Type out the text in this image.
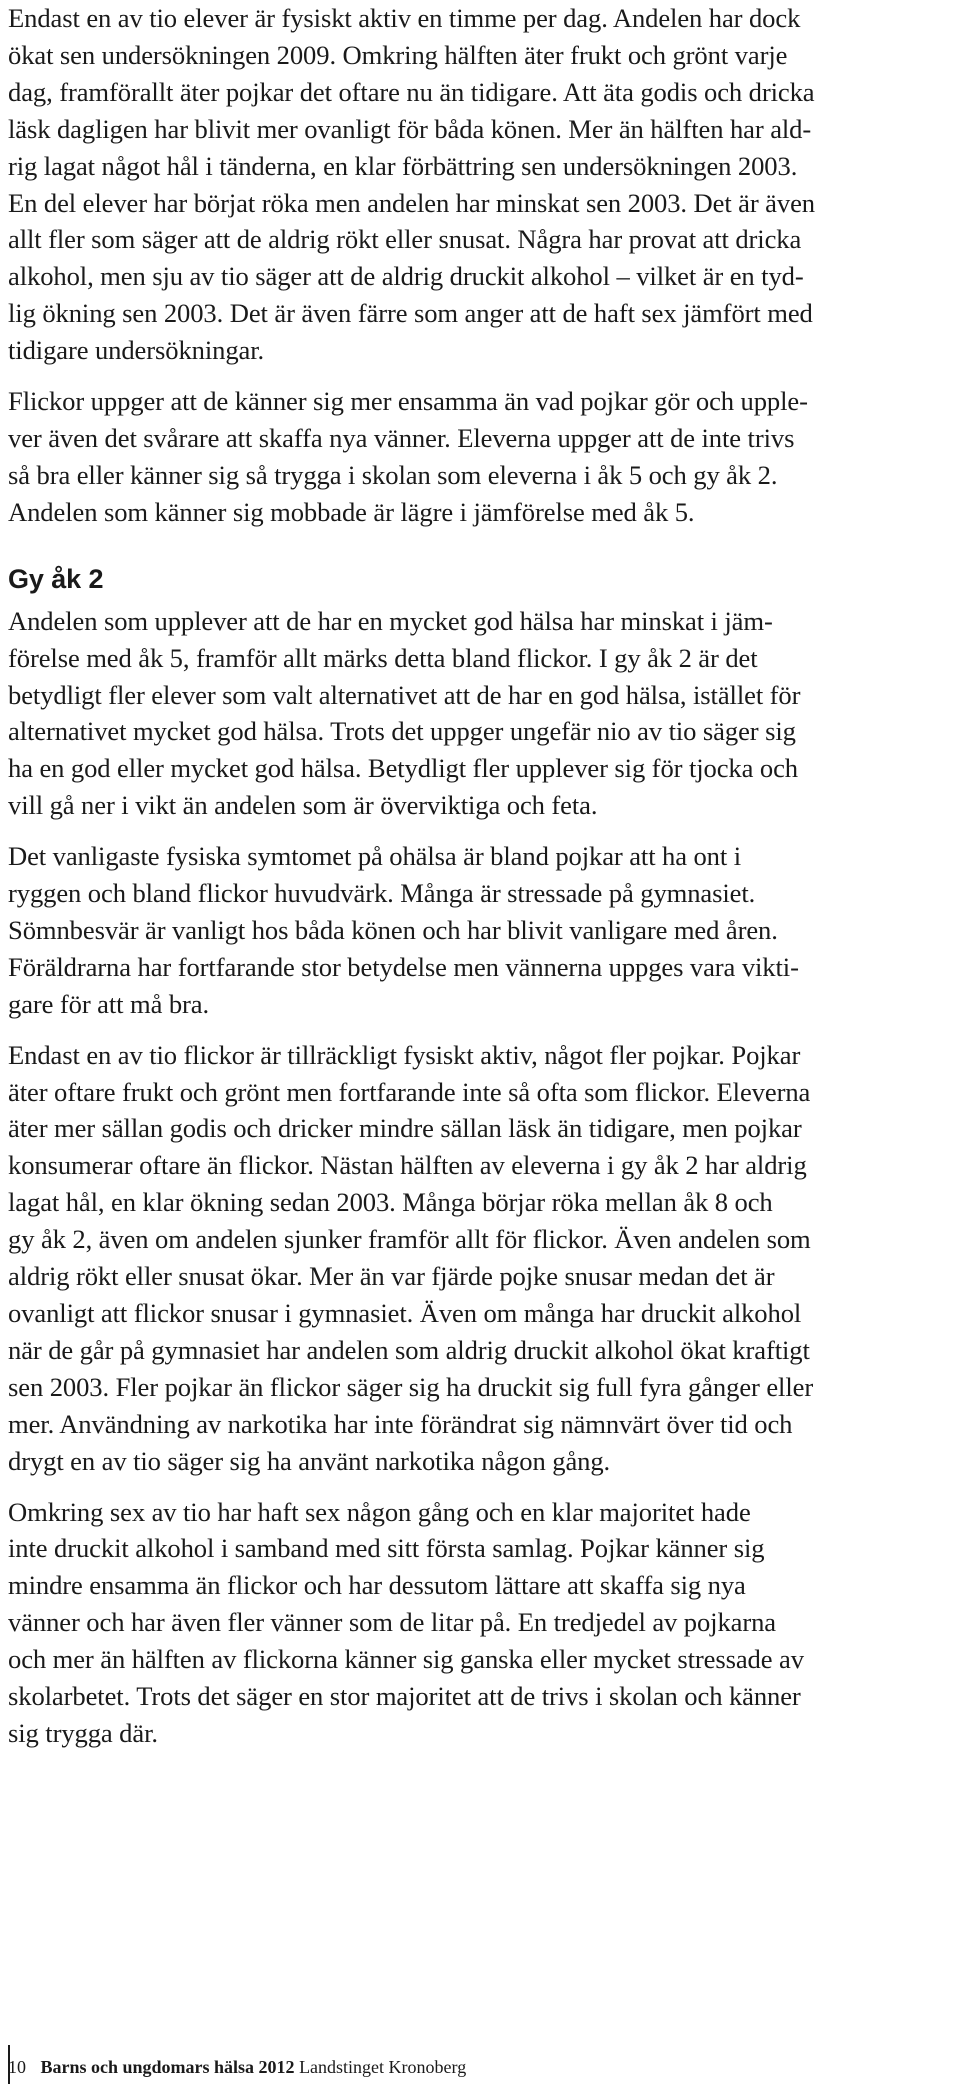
Endast en av tio elever är fysiskt aktiv en timme per dag. Andelen har dock
ökat sen undersökningen 2009. Omkring hälften äter frukt och grönt varje
dag, framförallt äter pojkar det oftare nu än tidigare. Att äta godis och dricka
läsk dagligen har blivit mer ovanligt för båda könen. Mer än hälften har ald-
rig lagat något hål i tänderna, en klar förbättring sen undersökningen 2003.
En del elever har börjat röka men andelen har minskat sen 2003. Det är även
allt fler som säger att de aldrig rökt eller snusat. Några har provat att dricka
alkohol, men sju av tio säger att de aldrig druckit alkohol – vilket är en tyd-
lig ökning sen 2003. Det är även färre som anger att de haft sex jämfört med
tidigare undersökningar.

Flickor uppger att de känner sig mer ensamma än vad pojkar gör och upple-
ver även det svårare att skaffa nya vänner. Eleverna uppger att de inte trivs
så bra eller känner sig så trygga i skolan som eleverna i åk 5 och gy åk 2.
Andelen som känner sig mobbade är lägre i jämförelse med åk 5.

Gy åk 2

Andelen som upplever att de har en mycket god hälsa har minskat i jäm-
förelse med åk 5, framför allt märks detta bland flickor. I gy åk 2 är det
betydligt fler elever som valt alternativet att de har en god hälsa, istället för
alternativet mycket god hälsa. Trots det uppger ungefär nio av tio säger sig
ha en god eller mycket god hälsa. Betydligt fler upplever sig för tjocka och
vill gå ner i vikt än andelen som är överviktiga och feta.

Det vanligaste fysiska symtomet på ohälsa är bland pojkar att ha ont i
ryggen och bland flickor huvudvärk. Många är stressade på gymnasiet.
Sömnbesvär är vanligt hos båda könen och har blivit vanligare med åren.
Föräldrarna har fortfarande stor betydelse men vännerna uppges vara vikti-
gare för att må bra.

Endast en av tio flickor är tillräckligt fysiskt aktiv, något fler pojkar. Pojkar
äter oftare frukt och grönt men fortfarande inte så ofta som flickor. Eleverna
äter mer sällan godis och dricker mindre sällan läsk än tidigare, men pojkar
konsumerar oftare än flickor. Nästan hälften av eleverna i gy åk 2 har aldrig
lagat hål, en klar ökning sedan 2003. Många börjar röka mellan åk 8 och
gy åk 2, även om andelen sjunker framför allt för flickor. Även andelen som
aldrig rökt eller snusat ökar. Mer än var fjärde pojke snusar medan det är
ovanligt att flickor snusar i gymnasiet. Även om många har druckit alkohol
när de går på gymnasiet har andelen som aldrig druckit alkohol ökat kraftigt
sen 2003. Fler pojkar än flickor säger sig ha druckit sig full fyra gånger eller
mer. Användning av narkotika har inte förändrat sig nämnvärt över tid och
drygt en av tio säger sig ha använt narkotika någon gång.

Omkring sex av tio har haft sex någon gång och en klar majoritet hade
inte druckit alkohol i samband med sitt första samlag. Pojkar känner sig
mindre ensamma än flickor och har dessutom lättare att skaffa sig nya
vänner och har även fler vänner som de litar på. En tredjedel av pojkarna
och mer än hälften av flickorna känner sig ganska eller mycket stressade av
skolarbetet. Trots det säger en stor majoritet att de trivs i skolan och känner
sig trygga där.

10 Barns och ungdomars hälsa 2012 Landstinget Kronoberg
